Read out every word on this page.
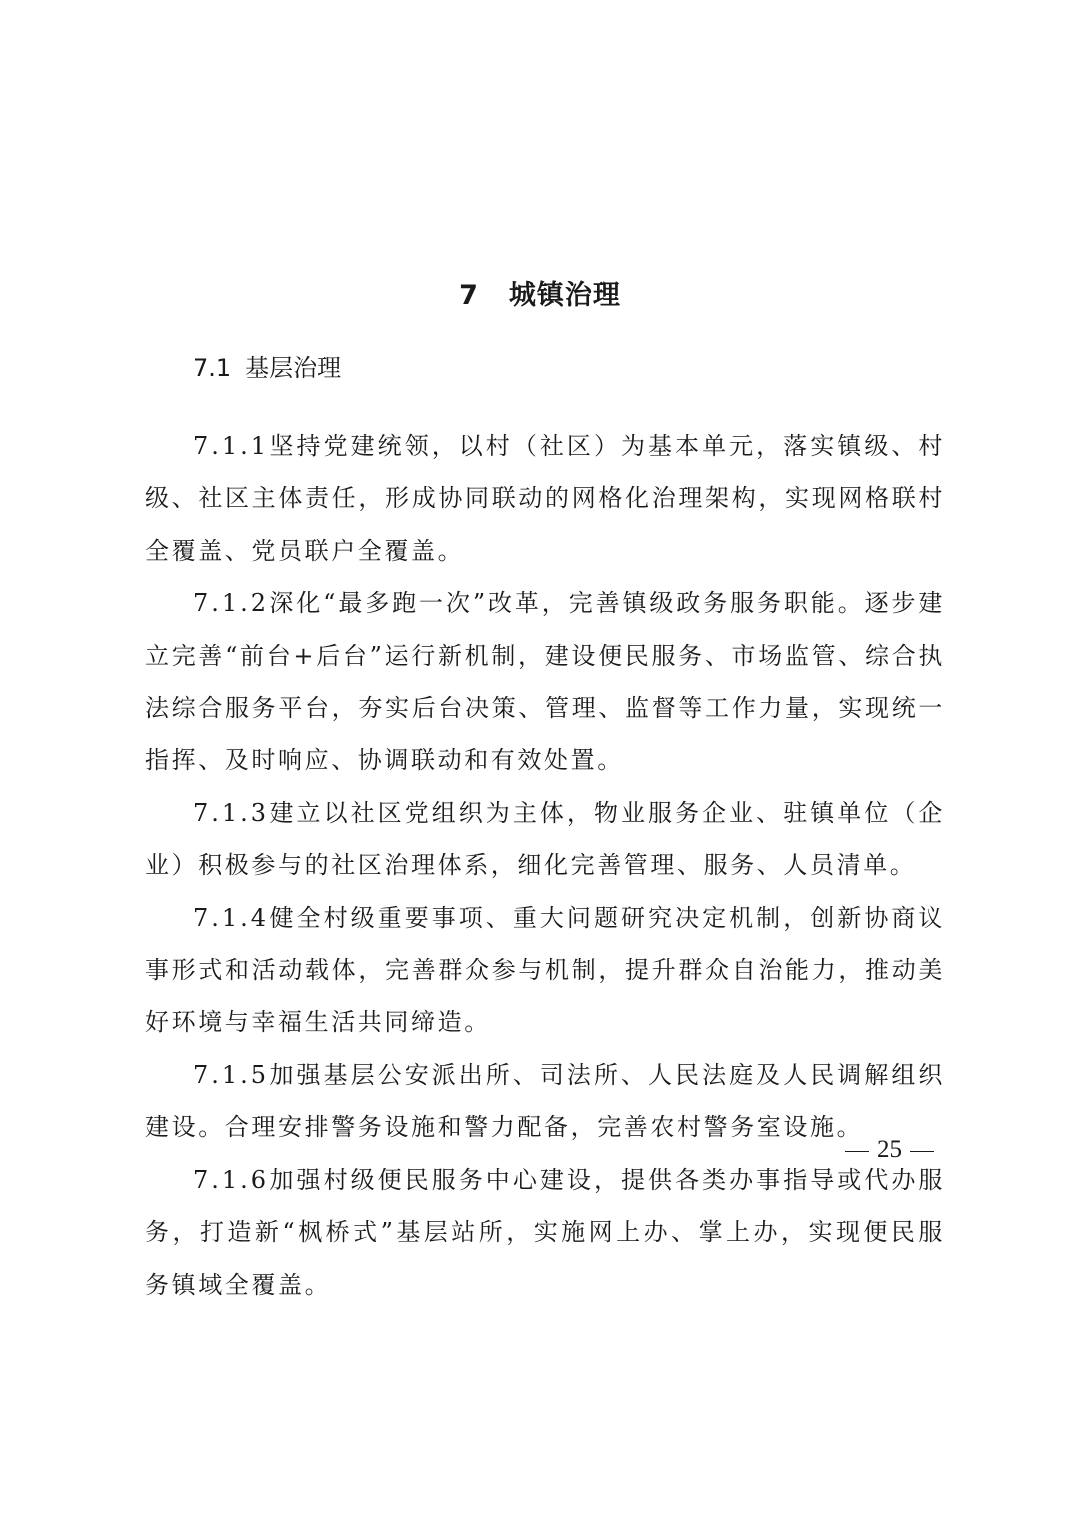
7 城镇治理
7.1 基层治理

7.1.1坚持党建统领，以村（社区）为基本单元，落实镇级、村级、社区主体责任，形成协同联动的网格化治理架构，实现网格联村全覆盖、党员联户全覆盖。

7.1.2深化“最多跑一次”改革，完善镇级政务服务职能。逐步建立完善“前台+后台”运行新机制，建设便民服务、市场监管、综合执法综合服务平台，夯实后台决策、管理、监督等工作力量，实现统一指挥、及时响应、协调联动和有效处置。

7.1.3建立以社区党组织为主体，物业服务企业、驻镇单位（企业）积极参与的社区治理体系，细化完善管理、服务、人员清单。

7.1.4健全村级重要事项、重大问题研究决定机制，创新协商议事形式和活动载体，完善群众参与机制，提升群众自治能力，推动美好环境与幸福生活共同缔造。

7.1.5加强基层公安派出所、司法所、人民法庭及人民调解组织建设。合理安排警务设施和警力配备，完善农村警务室设施。

7.1.6加强村级便民服务中心建设，提供各类办事指导或代办服务，打造新“枫桥式”基层站所，实施网上办、掌上办，实现便民服务镇域全覆盖。

25
